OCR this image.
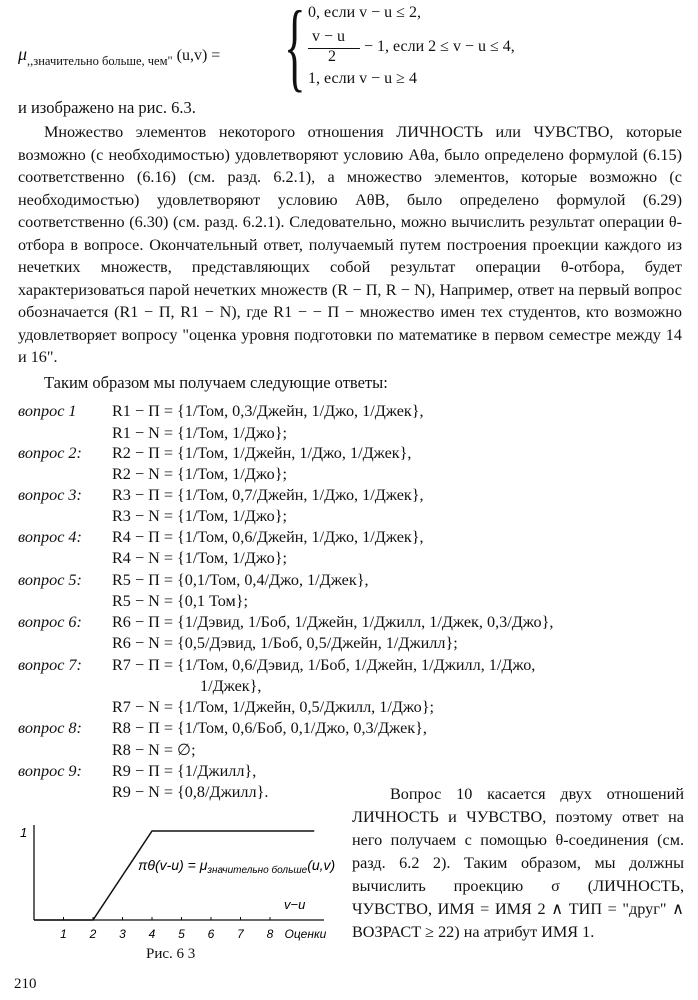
$\mu_{,,значительно больше, чем"}$ (u,v) = { 0, если v − u ≤ 2,
v − u
2
− 1, если 2 ≤ v − u ≤ 4,
1, если v − u ≥ 4
и изображено на рис. 6.3.
Множество элементов некоторого отношения ЛИЧНОСТЬ или ЧУВСТВО, которые возможно (с необходимостью) удовлетворяют условию Aθa, было определено формулой (6.15) соответственно (6.16) (см. разд. 6.2.1), а множество элементов, которые возможно (с необходимостью) удовлетворяют условию AθB, было определено формулой (6.29) соответственно (6.30) (см. разд. 6.2.1). Следовательно, можно вычислить результат операции θ-отбора в вопросе. Окончательный ответ, получаемый путем построения проекции каждого из нечетких множеств, представляющих собой результат операции θ-отбора, будет характеризоваться парой нечетких множеств (R − Π, R − N), Например, ответ на первый вопрос обозначается (R1 − Π, R1 − N), где R1 − − Π − множество имен тех студентов, кто возможно удовлетворяет вопросу "оценка уровня подготовки по математике в первом семестре между 14 и 16".
Таким образом мы получаем следующие ответы:
вопрос 1 R1 − Π = {1/Том, 0,3/Джейн, 1/Джо, 1/Джек},
R1 − N = {1/Том, 1/Джо};
вопрос 2: R2 − Π = {1/Том, 1/Джейн, 1/Джо, 1/Джек},
R2 − N = {1/Том, 1/Джо};
вопрос 3: R3 − Π = {1/Том, 0,7/Джейн, 1/Джо, 1/Джек},
R3 − N = {1/Том, 1/Джо};
вопрос 4: R4 − Π = {1/Том, 0,6/Джейн, 1/Джо, 1/Джек},
R4 − N = {1/Том, 1/Джо};
вопрос 5: R5 − Π = {0,1/Том, 0,4/Джо, 1/Джек},
R5 − N = {0,1 Том};
вопрос 6: R6 − Π = {1/Дэвид, 1/Боб, 1/Джейн, 1/Джилл, 1/Джек, 0,3/Джо},
R6 − N = {0,5/Дэвид, 1/Боб, 0,5/Джейн, 1/Джилл};
вопрос 7: R7 − Π = {1/Том, 0,6/Дэвид, 1/Боб, 1/Джейн, 1/Джилл, 1/Джо,
1/Джек},
R7 − N = {1/Том, 1/Джейн, 0,5/Джилл, 1/Джо};
вопрос 8: R8 − Π = {1/Том, 0,6/Боб, 0,1/Джо, 0,3/Джек},
R8 − N = ∅;
вопрос 9: R9 − Π = {1/Джилл},
R9 − N = {0,8/Джилл}.	Вопрос 10 касается двух отношений ЛИЧНОСТЬ и ЧУВСТВО, поэтому ответ на него получаем с помощью θ-соединения (см. разд. 6.2 2). Таким образом, мы должны вычислить проекцию σ (ЛИЧНОСТЬ, ЧУВСТВО, ИМЯ = ИМЯ 2 ∧ ТИП = "друг" ∧ ВОЗРАСТ ≥ 22) на атрибут ИМЯ 1.
1
1 2 3 4 5 6 7 8 Оценки
$\pi\theta(v-u) = \mu_{значительно больше}(u,v)$
v−u
Рис. 6 3
210
